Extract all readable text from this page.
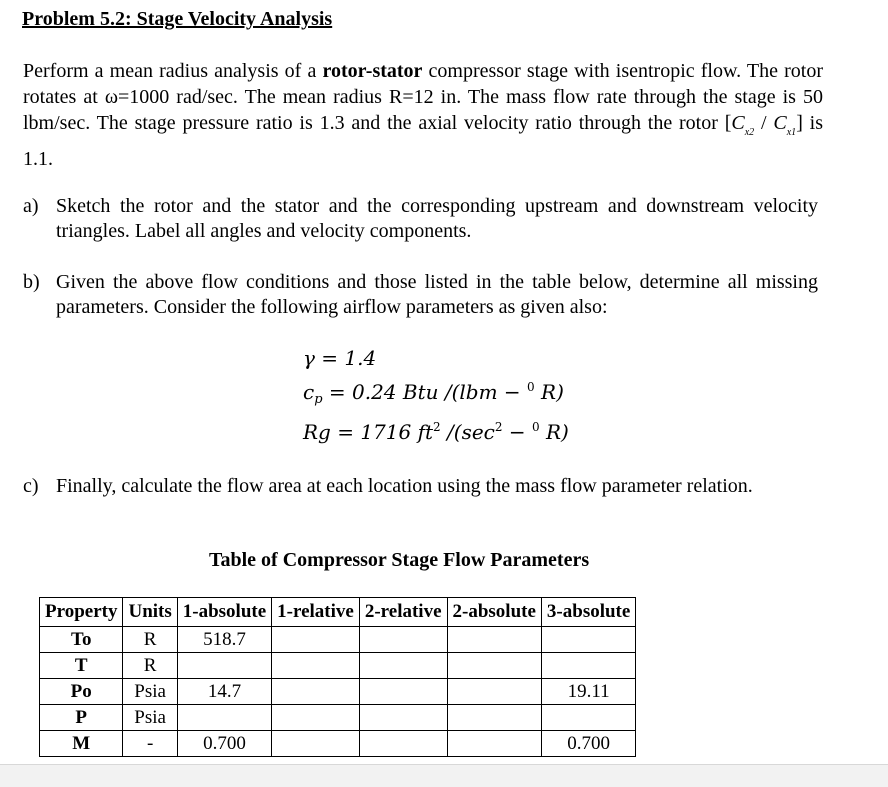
Problem 5.2: Stage Velocity Analysis

Perform a mean radius analysis of a rotor-stator compressor stage with isentropic flow. The rotor rotates at ω=1000 rad/sec. The mean radius R=12 in. The mass flow rate through the stage is 50 lbm/sec. The stage pressure ratio is 1.3 and the axial velocity ratio through the rotor $[C_{x2} / C_{x1}]$ is 1.1.

a) Sketch the rotor and the stator and the corresponding upstream and downstream velocity triangles. Label all angles and velocity components.
b) Given the above flow conditions and those listed in the table below, determine all missing parameters. Consider the following airflow parameters as given also:
γ = 1.4
$c_p = 0.24$ Btu /(lbm − $^0$ R)
Rg = 1716 $ft^2$ $/(\sec^2 - ^0$ R)
c) Finally, calculate the flow area at each location using the mass flow parameter relation.
Table of Compressor Stage Flow Parameters
Property	Units	1-absolute	1-relative	2-relative	2-absolute	3-absolute
To	R	518.7				
T	R					
Po	Psia	14.7				19.11
P	Psia					
M	-	0.700				0.700
